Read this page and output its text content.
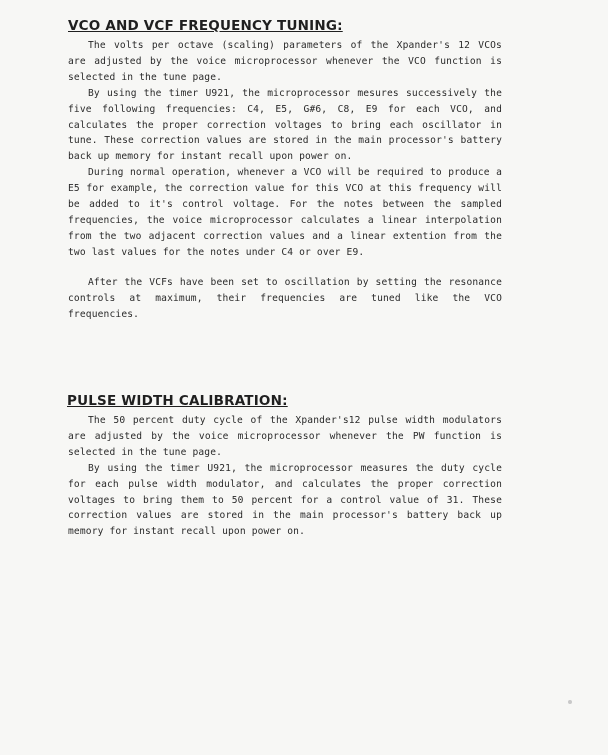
VCO AND VCF FREQUENCY TUNING:

The volts per octave (scaling) parameters of the Xpander's 12 VCOs are adjusted by the voice microprocessor whenever the VCO function is selected in the tune page.

By using the timer U921, the microprocessor mesures successively the five following frequencies: C4, E5, G#6, C8, E9 for each VCO, and calculates the proper correction voltages to bring each oscillator in tune. These correction values are stored in the main processor's battery back up memory for instant recall upon power on.

During normal operation, whenever a VCO will be required to produce a E5 for example, the correction value for this VCO at this frequency will be added to it's control voltage. For the notes between the sampled frequencies, the voice microprocessor calculates a linear interpolation from the two adjacent correction values and a linear extention from the two last values for the notes under C4 or over E9.

After the VCFs have been set to oscillation by setting the resonance controls at maximum, their frequencies are tuned like the VCO frequencies.

PULSE WIDTH CALIBRATION:

The 50 percent duty cycle of the Xpander's12 pulse width modulators are adjusted by the voice microprocessor whenever the PW function is selected in the tune page.

By using the timer U921, the microprocessor measures the duty cycle for each pulse width modulator, and calculates the proper correction voltages to bring them to 50 percent for a control value of 31. These correction values are stored in the main processor's battery back up memory for instant recall upon power on.
